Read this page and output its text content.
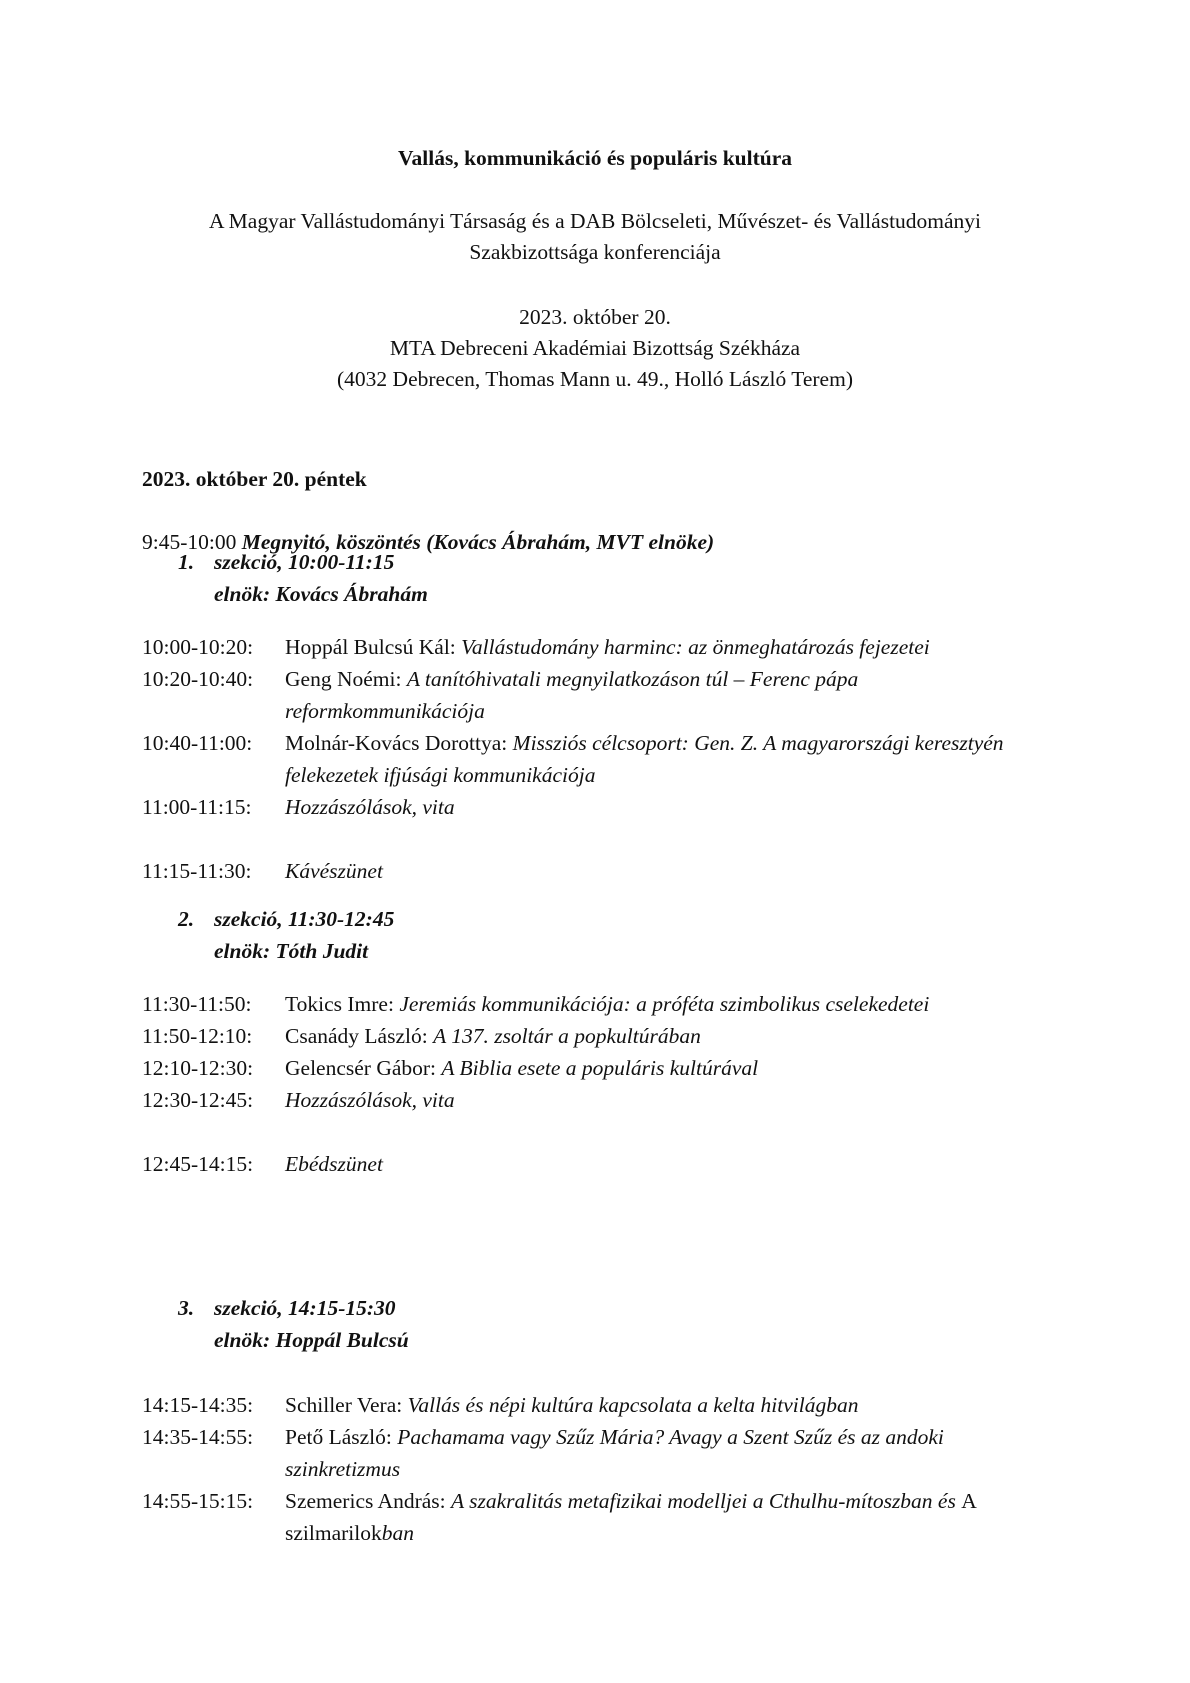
Vallás, kommunikáció és populáris kultúra
A Magyar Vallástudományi Társaság és a DAB Bölcseleti, Művészet- és Vallástudományi
Szakbizottsága konferenciája
2023. október 20.
MTA Debreceni Akadémiai Bizottság Székháza
(4032 Debrecen, Thomas Mann u. 49., Holló László Terem)
2023. október 20. péntek
9:45-10:00 Megnyitó, köszöntés (Kovács Ábrahám, MVT elnöke)
1. szekció, 10:00-11:15
elnök: Kovács Ábrahám
10:00-10:20:	Hoppál Bulcsú Kál: Vallástudomány harminc: az önmeghatározás fejezetei
10:20-10:40:	Geng Noémi: A tanítóhivatali megnyilatkozáson túl – Ferenc pápa reformkommunikációja
10:40-11:00:	Molnár-Kovács Dorottya: Missziós célcsoport: Gen. Z. A magyarországi keresztyén felekezetek ifjúsági kommunikációja
11:00-11:15:	Hozzászólások, vita
11:15-11:30:	Kávészünet
2. szekció, 11:30-12:45
elnök: Tóth Judit
11:30-11:50:	Tokics Imre: Jeremiás kommunikációja: a próféta szimbolikus cselekedetei
11:50-12:10:	Csanády László: A 137. zsoltár a popkultúrában
12:10-12:30:	Gelencsér Gábor: A Biblia esete a populáris kultúrával
12:30-12:45:	Hozzászólások, vita
12:45-14:15:	Ebédszünet
3. szekció, 14:15-15:30
elnök: Hoppál Bulcsú
14:15-14:35:	Schiller Vera: Vallás és népi kultúra kapcsolata a kelta hitvilágban
14:35-14:55:	Pető László: Pachamama vagy Szűz Mária? Avagy a Szent Szűz és az andoki szinkretizmus
14:55-15:15:	Szemerics András: A szakralitás metafizikai modelljei a Cthulhu-mítoszban és A szilmarilokban
